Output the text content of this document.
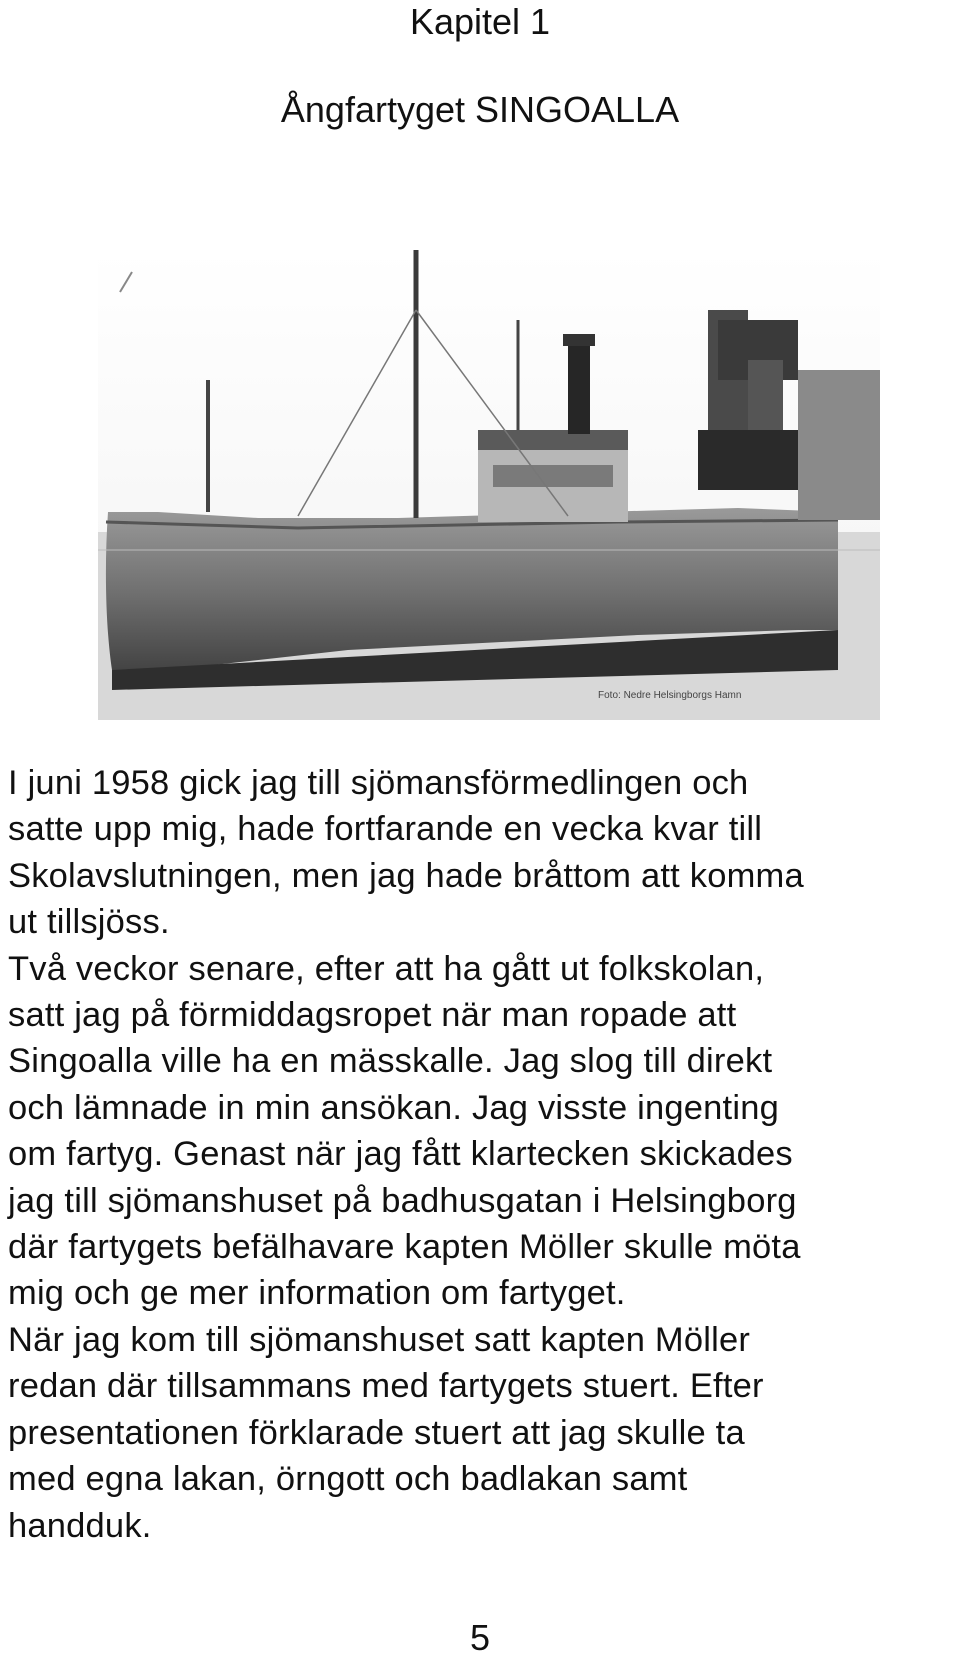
Kapitel 1
Ångfartyget SINGOALLA
Foto: Nedre Helsingborgs Hamn
I juni 1958 gick jag till sjömansförmedlingen och
satte upp mig, hade fortfarande en vecka kvar till
Skolavslutningen, men jag hade bråttom att komma
ut tillsjöss.
Två veckor senare, efter att ha gått ut folkskolan,
satt jag på förmiddagsropet när man ropade att
Singoalla ville ha en mässkalle. Jag slog till direkt
och lämnade in min ansökan. Jag visste ingenting
om fartyg. Genast när jag fått klartecken skickades
jag till sjömanshuset på badhusgatan i Helsingborg
där fartygets befälhavare kapten Möller skulle möta
mig och ge mer information om fartyget.
När jag kom till sjömanshuset satt kapten Möller
redan där tillsammans med fartygets stuert. Efter
presentationen förklarade stuert att jag skulle ta
med egna lakan, örngott och badlakan samt
handduk.
5
